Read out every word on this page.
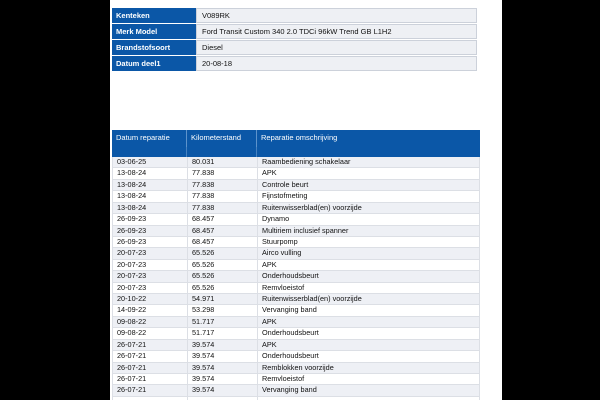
Kenteken	V089RK
Merk Model	Ford Transit Custom 340 2.0 TDCi 96kW Trend GB L1H2
Brandstofsoort	Diesel
Datum deel1	20-08-18
Datum reparatie	Kilometerstand	Reparatie omschrijving
03-06-25	80.031	Raambediening schakelaar
13-08-24	77.838	APK
13-08-24	77.838	Controle beurt
13-08-24	77.838	Fijnstofmeting
13-08-24	77.838	Ruitenwisserblad(en) voorzijde
26-09-23	68.457	Dynamo
26-09-23	68.457	Multiriem inclusief spanner
26-09-23	68.457	Stuurpomp
20-07-23	65.526	Airco vulling
20-07-23	65.526	APK
20-07-23	65.526	Onderhoudsbeurt
20-07-23	65.526	Remvloeistof
20-10-22	54.971	Ruitenwisserblad(en) voorzijde
14-09-22	53.298	Vervanging band
09-08-22	51.717	APK
09-08-22	51.717	Onderhoudsbeurt
26-07-21	39.574	APK
26-07-21	39.574	Onderhoudsbeurt
26-07-21	39.574	Remblokken voorzijde
26-07-21	39.574	Remvloeistof
26-07-21	39.574	Vervanging band
